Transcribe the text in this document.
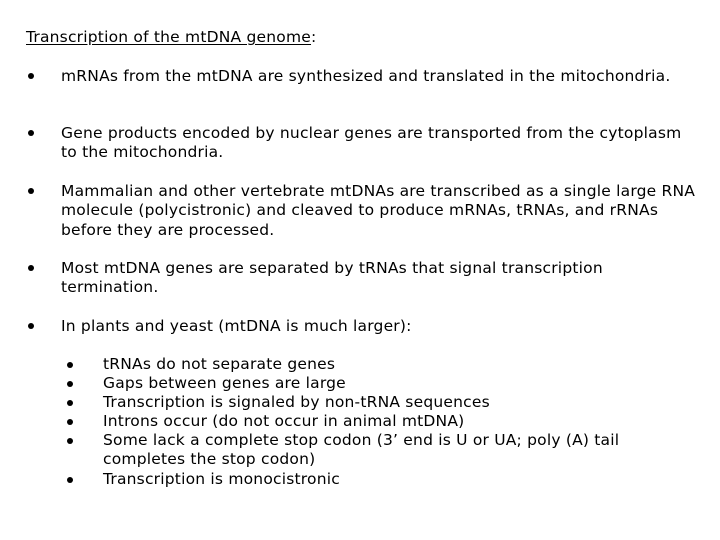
Transcription of the mtDNA genome:
mRNAs from the mtDNA are synthesized and translated in the mitochondria.
Gene products encoded by nuclear genes are transported from the cytoplasm to the mitochondria.
Mammalian and other vertebrate mtDNAs are transcribed as a single large RNA molecule (polycistronic) and cleaved to produce mRNAs, tRNAs, and rRNAs before they are processed.
Most mtDNA genes are separated by tRNAs that signal transcription termination.
In plants and yeast (mtDNA is much larger):
tRNAs do not separate genes
Gaps between genes are large
Transcription is signaled by non-tRNA sequences
Introns occur (do not occur in animal mtDNA)
Some lack a complete stop codon (3’ end is U or UA; poly (A) tail completes the stop codon)
Transcription is monocistronic
